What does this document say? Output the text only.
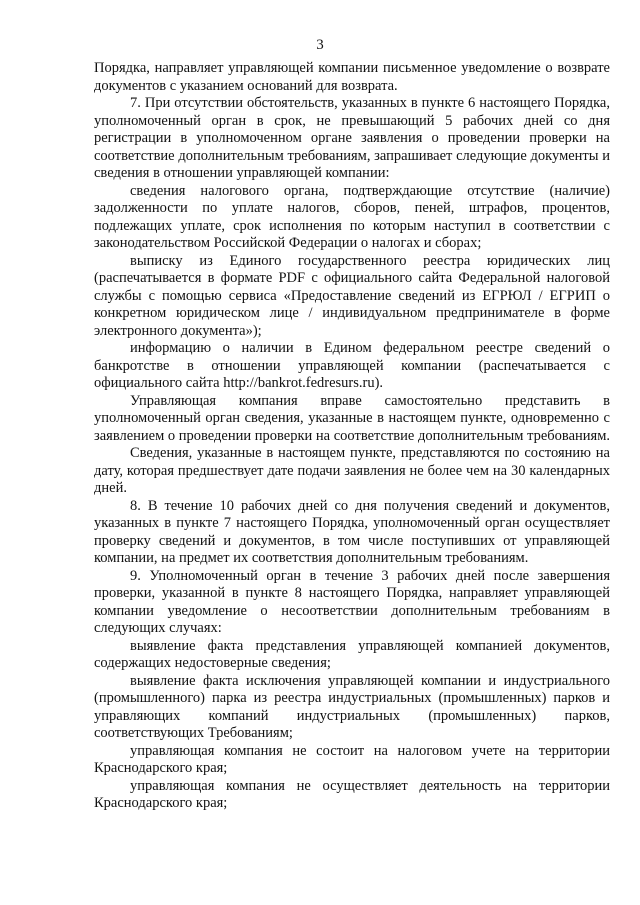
3

Порядка, направляет управляющей компании письменное уведомление о возврате документов с указанием оснований для возврата.

7. При отсутствии обстоятельств, указанных в пункте 6 настоящего Порядка, уполномоченный орган в срок, не превышающий 5 рабочих дней со дня регистрации в уполномоченном органе заявления о проведении проверки на соответствие дополнительным требованиям, запрашивает следующие документы и сведения в отношении управляющей компании:

сведения налогового органа, подтверждающие отсутствие (наличие) задолженности по уплате налогов, сборов, пеней, штрафов, процентов, подлежащих уплате, срок исполнения по которым наступил в соответствии с законодательством Российской Федерации о налогах и сборах;

выписку из Единого государственного реестра юридических лиц (распечатывается в формате PDF с официального сайта Федеральной налоговой службы с помощью сервиса «Предоставление сведений из ЕГРЮЛ / ЕГРИП о конкретном юридическом лице / индивидуальном предпринимателе в форме электронного документа»);

информацию о наличии в Едином федеральном реестре сведений о банкротстве в отношении управляющей компании (распечатывается с официального сайта http://bankrot.fedresurs.ru).

Управляющая компания вправе самостоятельно представить в уполномоченный орган сведения, указанные в настоящем пункте, одновременно с заявлением о проведении проверки на соответствие дополнительным требованиям.

Сведения, указанные в настоящем пункте, представляются по состоянию на дату, которая предшествует дате подачи заявления не более чем на 30 календарных дней.

8. В течение 10 рабочих дней со дня получения сведений и документов, указанных в пункте 7 настоящего Порядка, уполномоченный орган осуществляет проверку сведений и документов, в том числе поступивших от управляющей компании, на предмет их соответствия дополнительным требованиям.

9. Уполномоченный орган в течение 3 рабочих дней после завершения проверки, указанной в пункте 8 настоящего Порядка, направляет управляющей компании уведомление о несоответствии дополнительным требованиям в следующих случаях:

выявление факта представления управляющей компанией документов, содержащих недостоверные сведения;

выявление факта исключения управляющей компании и индустриального (промышленного) парка из реестра индустриальных (промышленных) парков и управляющих компаний индустриальных (промышленных) парков, соответствующих Требованиям;

управляющая компания не состоит на налоговом учете на территории Краснодарского края;

управляющая компания не осуществляет деятельность на территории Краснодарского края;
